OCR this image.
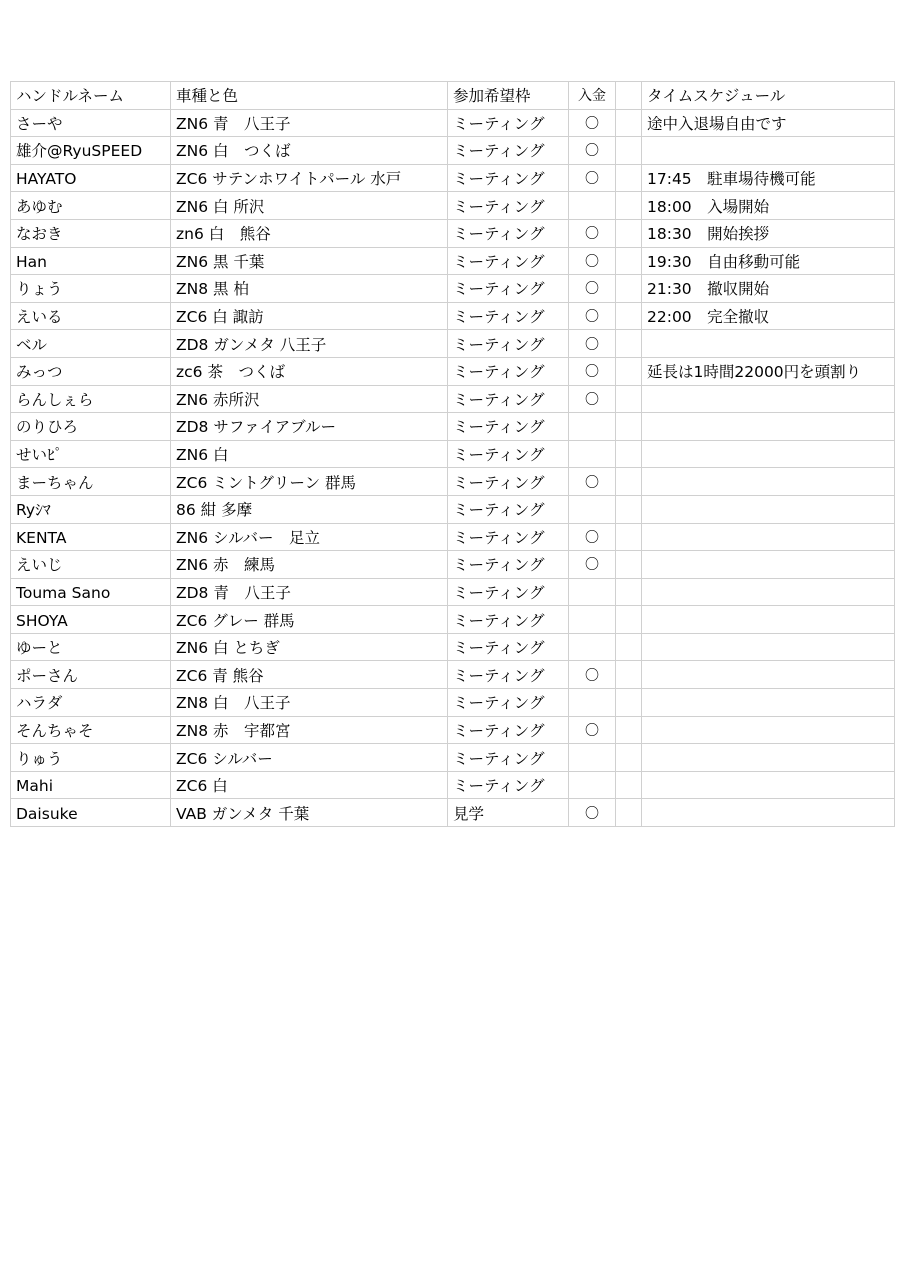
ハンドルネーム	車種と色	参加希望枠	入金		タイムスケジュール
さーや	ZN6 青　八王子	ミーティング	〇		途中入退場自由です
雄介@RyuSPEED	ZN6 白　つくば	ミーティング	〇		
HAYATO	ZC6 サテンホワイトパール 水戸	ミーティング	〇		17:45　駐車場待機可能
あゆむ	ZN6 白 所沢	ミーティング			18:00　入場開始
なおき	zn6 白　熊谷	ミーティング	〇		18:30　開始挨拶
Han	ZN6 黒 千葉	ミーティング	〇		19:30　自由移動可能
りょう	ZN8 黒 柏	ミーティング	〇		21:30　撤収開始
えいる	ZC6 白 諏訪	ミーティング	〇		22:00　完全撤収
ベル	ZD8 ガンメタ 八王子	ミーティング	〇		
みっつ	zc6 茶　つくば	ミーティング	〇		延長は1時間22000円を頭割り
らんしぇら	ZN6 赤所沢	ミーティング	〇		
のりひろ	ZD8 サファイアブルー	ミーティング			
せいﾋﾟ	ZN6 白	ミーティング			
まーちゃん	ZC6 ミントグリーン 群馬	ミーティング	〇		
Ryｼﾏ	86 紺 多摩	ミーティング			
KENTA	ZN6 シルバー　足立	ミーティング	〇		
えいじ	ZN6 赤　練馬	ミーティング	〇		
Touma Sano	ZD8 青　八王子	ミーティング			
SHOYA	ZC6 グレー 群馬	ミーティング			
ゆーと	ZN6 白 とちぎ	ミーティング			
ポーさん	ZC6 青 熊谷	ミーティング	〇		
ハラダ	ZN8 白　八王子	ミーティング			
そんちゃそ	ZN8 赤　宇都宮	ミーティング	〇		
りゅう	ZC6 シルバー	ミーティング			
Mahi	ZC6 白	ミーティング			
Daisuke	VAB ガンメタ 千葉	見学	〇		
